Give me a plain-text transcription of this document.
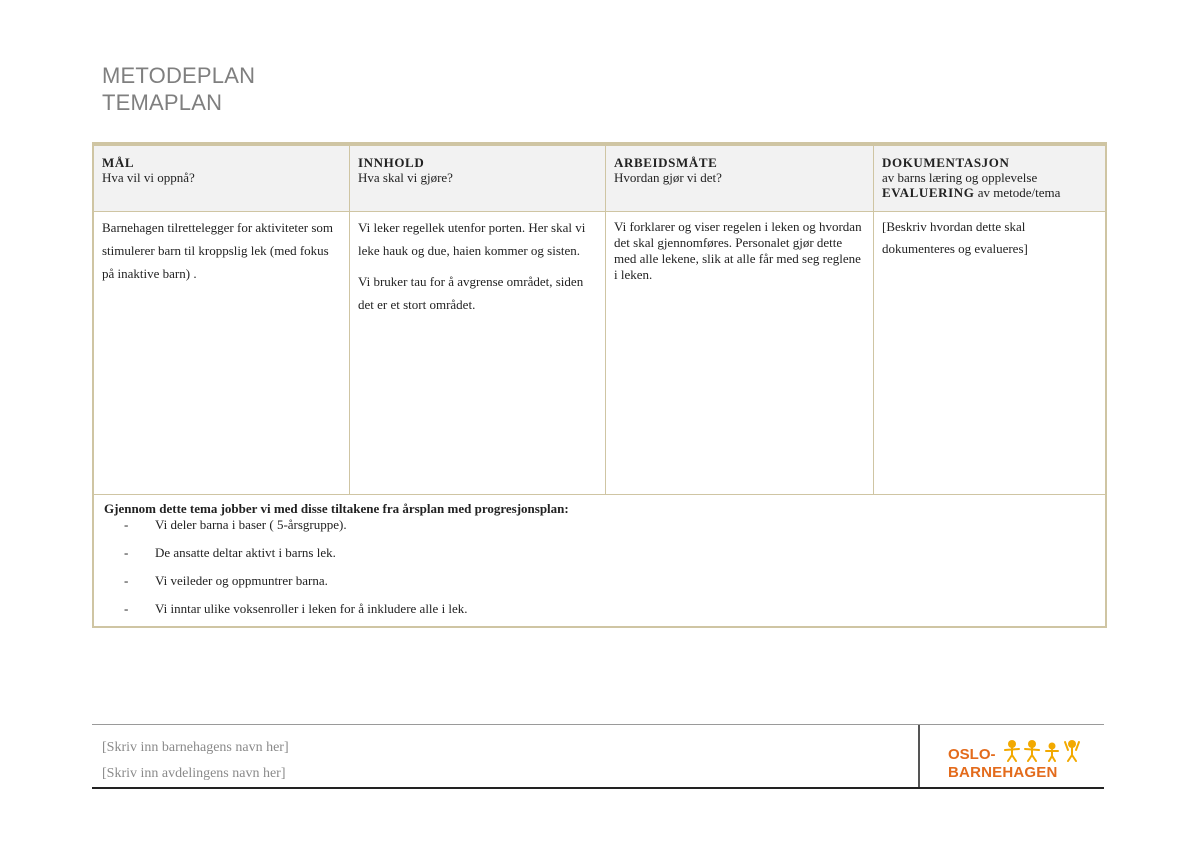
METODEPLAN
TEMAPLAN
MÅL
Hva vil vi oppnå?
INNHOLD
Hva skal vi gjøre?
ARBEIDSMÅTE
Hvordan gjør vi det?
DOKUMENTASJON
av barns læring og opplevelse
EVALUERING av metode/tema
Barnehagen tilrettelegger for aktiviteter som stimulerer barn til kroppslig lek (med fokus på inaktive barn) .
Vi leker regellek utenfor porten. Her skal vi leke hauk og due, haien kommer og sisten.
Vi bruker tau for å avgrense området, siden det er et stort området.
Vi forklarer og viser regelen i leken og hvordan det skal gjennomføres. Personalet gjør dette med alle lekene, slik at alle får med seg reglene i leken.
[Beskriv hvordan dette skal dokumenteres og evalueres]
Gjennom dette tema jobber vi med disse tiltakene fra årsplan med progresjonsplan:
- Vi deler barna i baser ( 5-årsgruppe).
- De ansatte deltar aktivt i barns lek.
- Vi veileder og oppmuntrer barna.
- Vi inntar ulike voksenroller i leken for å inkludere alle i lek.
[Skriv inn barnehagens navn her]
[Skriv inn avdelingens navn her]
OSLO-
BARNEHAGEN
